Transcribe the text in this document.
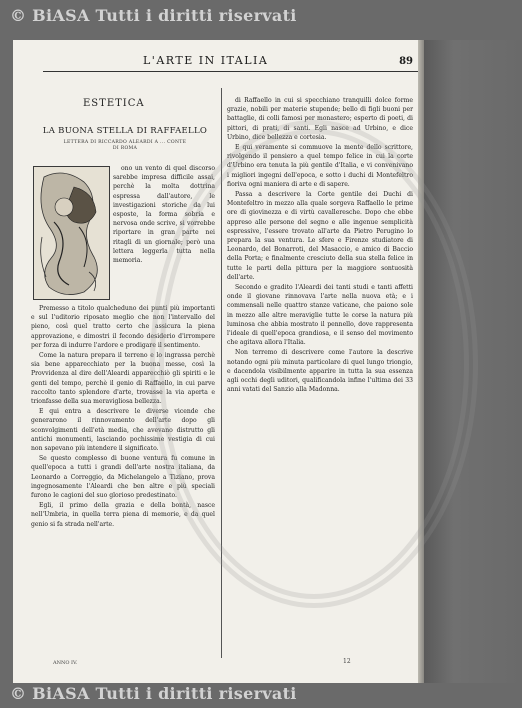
© BiASA Tutti i diritti riservati
L'ARTE IN ITALIA	89
ESTETICA
LA BUONA STELLA DI RAFFAELLO
LETTERA DI RICCARDO ALEARDI A ... CONTE
DI ROMA

ono un vento di quel discorso sarebbe impresa difficile assai, perchè la molta dottrina espressa dall'autore, le investigazioni storiche da lui esposte, la forma sobria e nervosa onde scrive, si vorrebbe riportare in gran parte nei ritagli di un giornale; però una lettera leggerla tutta nella memoria.

Premesso a titolo qualcheduno dei punti più importanti e sul l'uditorio riposato meglio che non l'intervallo del pieno, così quel tratto certo che assicura la piena approvazione, e dimostri il fecondo desiderio d'irrompere per forza di indurre l'ardore e prodigare il sentimento.

Come la natura prepara il terreno e lo ingrassa perchè sia bene apparecchiato per la buona messe, così la Provvidenza al dire dell'Aleardi apparecchiò gli spiriti e le genti del tempo, perchè il genio di Raffaello, in cui parve raccolto tanto splendore d'arte, trovasse la via aperta e trionfasse della sua meravigliosa bellezza.

E qui entra a descrivere le diverse vicende che generarono il rinnovamento dell'arte dopo gli sconvolgimenti dell'età media, che avevano distrutto gli antichi monumenti, lasciando pochissime vestigia di cui non sapevano più intendere il significato.

Se questo complesso di buone ventura fu comune in quell'epoca a tutti i grandi dell'arte nostra italiana, da Leonardo a Correggio, da Michelangelo a Tiziano, prova ingegnosamente l'Aleardi che ben altre e più speciali furono le cagioni del suo glorioso predestinato.

Egli, il primo della grazia e della bontà, nasce nell'Umbria, in quella terra piena di memorie, e da quel genio si fa strada nell'arte.

di Raffaello in cui si specchiano tranquilli dolce forme grazie, nobili per materie stupende; bello di figli buoni per battaglie, di colli famosi per monastero; esperto di poeti, di pittori, di prati, di santi. Egli nasce ad Urbino, e dice Urbino, dice bellezza e cortesia.

E qui veramente si commuove la mente dello scrittore, rivolgendo il pensiero a quel tempo felice in cui la corte d'Urbino era tenuta la più gentile d'Italia, e vi convenivano i migliori ingegni dell'epoca, e sotto i duchi di Montefeltro fioriva ogni maniera di arte e di sapere.

Passa a descrivere la Corte gentile dei Duchi di Montefeltro in mezzo alla quale sorgeva Raffaello le prime ore di giovinezza e di virtù cavalleresche. Dopo che ebbe appreso alle persone del segno e alle ingenue semplicità espressive, l'essere trovato all'arte da Pietro Perugino lo prepara la sua ventura. Le sfere e Firenze studiatore di Leonardo, del Bonarroti, del Masaccio, e amico di Baccio della Porta; e finalmente cresciuto della sua stella felice in tutte le parti della pittura per la maggiore sontuosità dell'arte.

Secondo e gradito l'Aleardi dei tanti studi e tanti affetti onde il giovane rinnovava l'arte nella nuova età; e i commensali nelle quattro stanze vaticane, che paiono sole in mezzo alle altre meraviglie tutte le corse la natura più luminosa che abbia mostrato il pennello, dove rappresenta l'ideale di quell'epoca grandiosa, e il senso del movimento che agitava allora l'Italia.

Non terremo di descrivere come l'autore la descrive notando ogni più minuta particolare di quel lungo triongio, e dacendola visibilmente apparire in tutta la sua essenza agli occhi degli uditori, qualificandola infine l'ultima dei 33 anni vatati del Sanzio alla Madonna.

ANNO IV.	12
© BiASA Tutti i diritti riservati
